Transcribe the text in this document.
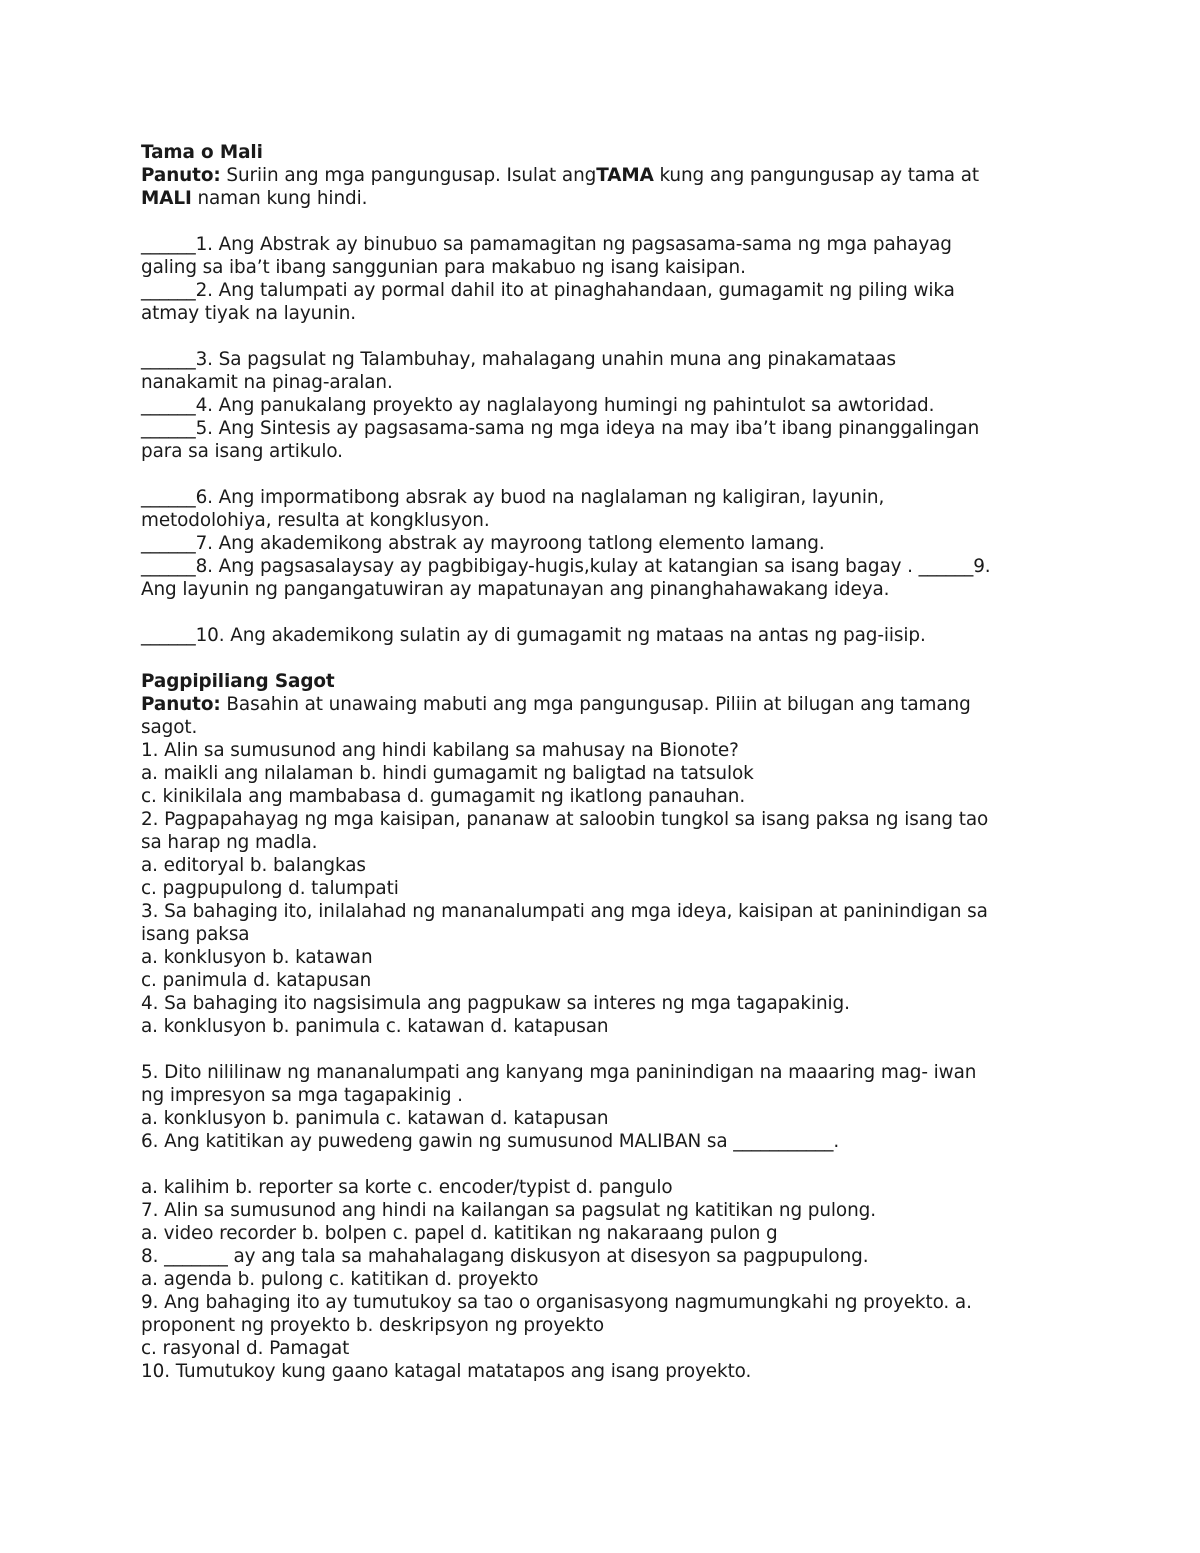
Tama o Mali
Panuto: Suriin ang mga pangungusap. Isulat angTAMA kung ang pangungusap ay tama at
MALI naman kung hindi.
______1. Ang Abstrak ay binubuo sa pamamagitan ng pagsasama-sama ng mga pahayag
galing sa iba’t ibang sanggunian para makabuo ng isang kaisipan.
______2. Ang talumpati ay pormal dahil ito at pinaghahandaan, gumagamit ng piling wika
atmay tiyak na layunin.
______3. Sa pagsulat ng Talambuhay, mahalagang unahin muna ang pinakamataas
nanakamit na pinag-aralan.
______4. Ang panukalang proyekto ay naglalayong humingi ng pahintulot sa awtoridad.
______5. Ang Sintesis ay pagsasama-sama ng mga ideya na may iba’t ibang pinanggalingan
para sa isang artikulo.
______6. Ang impormatibong absrak ay buod na naglalaman ng kaligiran, layunin,
metodolohiya, resulta at kongklusyon.
______7. Ang akademikong abstrak ay mayroong tatlong elemento lamang.
______8. Ang pagsasalaysay ay pagbibigay-hugis,kulay at katangian sa isang bagay . ______9.
Ang layunin ng pangangatuwiran ay mapatunayan ang pinanghahawakang ideya.
______10. Ang akademikong sulatin ay di gumagamit ng mataas na antas ng pag-iisip.
Pagpipiliang Sagot
Panuto: Basahin at unawaing mabuti ang mga pangungusap. Piliin at bilugan ang tamang
sagot.
1. Alin sa sumusunod ang hindi kabilang sa mahusay na Bionote?
a. maikli ang nilalaman b. hindi gumagamit ng baligtad na tatsulok
c. kinikilala ang mambabasa d. gumagamit ng ikatlong panauhan.
2. Pagpapahayag ng mga kaisipan, pananaw at saloobin tungkol sa isang paksa ng isang tao
sa harap ng madla.
a. editoryal b. balangkas
c. pagpupulong d. talumpati
3. Sa bahaging ito, inilalahad ng mananalumpati ang mga ideya, kaisipan at paninindigan sa
isang paksa
a. konklusyon b. katawan
c. panimula d. katapusan
4. Sa bahaging ito nagsisimula ang pagpukaw sa interes ng mga tagapakinig.
a. konklusyon b. panimula c. katawan d. katapusan
5. Dito nililinaw ng mananalumpati ang kanyang mga paninindigan na maaaring mag- iwan
ng impresyon sa mga tagapakinig .
a. konklusyon b. panimula c. katawan d. katapusan
6. Ang katitikan ay puwedeng gawin ng sumusunod MALIBAN sa ___________.
a. kalihim b. reporter sa korte c. encoder/typist d. pangulo
7. Alin sa sumusunod ang hindi na kailangan sa pagsulat ng katitikan ng pulong.
a. video recorder b. bolpen c. papel d. katitikan ng nakaraang pulon g
8. _______ ay ang tala sa mahahalagang diskusyon at disesyon sa pagpupulong.
a. agenda b. pulong c. katitikan d. proyekto
9. Ang bahaging ito ay tumutukoy sa tao o organisasyong nagmumungkahi ng proyekto. a.
proponent ng proyekto b. deskripsyon ng proyekto
c. rasyonal d. Pamagat
10. Tumutukoy kung gaano katagal matatapos ang isang proyekto.
